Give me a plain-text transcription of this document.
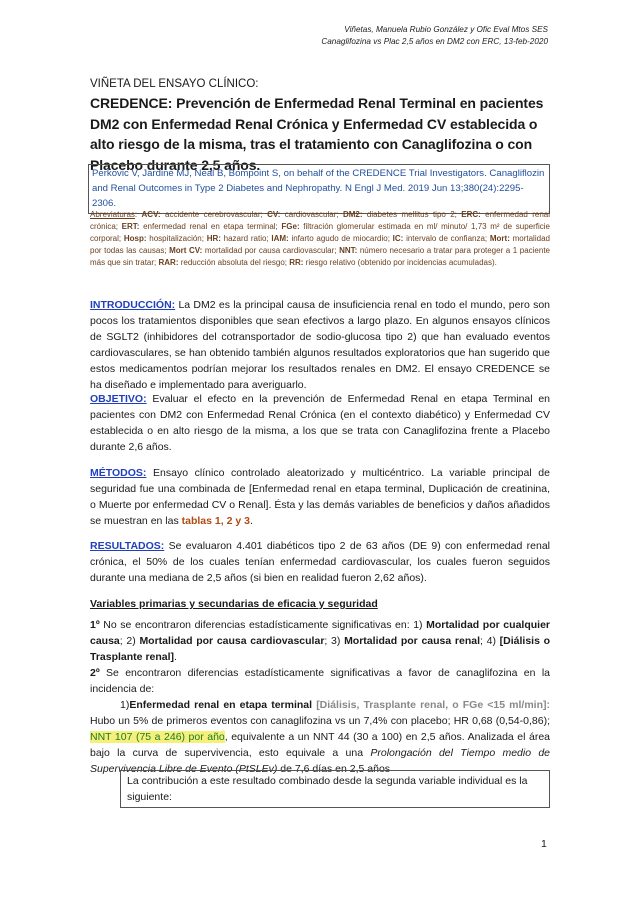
Viñetas, Manuela Rubio González y Ofic Eval Mtos SES
Canaglifozina vs Plac 2,5 años en DM2 con ERC, 13-feb-2020
VIÑETA DEL ENSAYO CLÍNICO:
CREDENCE: Prevención de Enfermedad Renal Terminal en pacientes DM2 con Enfermedad Renal Crónica y Enfermedad CV establecida o alto riesgo de la misma, tras el tratamiento con Canaglifozina o con Placebo durante 2,5 años.
Perkovic V, Jardine MJ, Neal B, Bompoint S, on behalf of the CREDENCE Trial Investigators. Canagliflozin and Renal Outcomes in Type 2 Diabetes and Nephropathy. N Engl J Med. 2019 Jun 13;380(24):2295-2306.
Abreviaturas: ACV: accidente cerebrovascular; CV: cardiovascular; DM2: diabetes mellitus tipo 2; ERC: enfermedad renal crónica; ERT: enfermedad renal en etapa terminal; FGe: filtración glomerular estimada en ml/ minuto/ 1,73 m² de superficie corporal; Hosp: hospitalización; HR: hazard ratio; IAM: infarto agudo de miocardio; IC: intervalo de confianza; Mort: mortalidad por todas las causas; Mort CV: mortalidad por causa cardiovascular; NNT: número necesario a tratar para proteger a 1 paciente más que sin tratar; RAR: reducción absoluta del riesgo; RR: riesgo relativo (obtenido por incidencias acumuladas).
INTRODUCCIÓN: La DM2 es la principal causa de insuficiencia renal en todo el mundo, pero son pocos los tratamientos disponibles que sean efectivos a largo plazo. En algunos ensayos clínicos de SGLT2 (inhibidores del cotransportador de sodio-glucosa tipo 2) que han evaluado eventos cardiovasculares, se han obtenido también algunos resultados exploratorios que han sugerido que estos medicamentos podrían mejorar los resultados renales en DM2. El ensayo CREDENCE se ha diseñado e implementado para averiguarlo.
OBJETIVO: Evaluar el efecto en la prevención de Enfermedad Renal en etapa Terminal en pacientes con DM2 con Enfermedad Renal Crónica (en el contexto diabético) y Enfermedad CV establecida o en alto riesgo de la misma, a los que se trata con Canaglifozina frente a Placebo durante 2,6 años.
MÉTODOS: Ensayo clínico controlado aleatorizado y multicéntrico. La variable principal de seguridad fue una combinada de [Enfermedad renal en etapa terminal, Duplicación de creatinina, o Muerte por enfermedad CV o Renal]. Ésta y las demás variables de beneficios y daños añadidos se muestran en las tablas 1, 2 y 3.
RESULTADOS: Se evaluaron 4.401 diabéticos tipo 2 de 63 años (DE 9) con enfermedad renal crónica, el 50% de los cuales tenían enfermedad cardiovascular, los cuales fueron seguidos durante una mediana de 2,5 años (si bien en realidad fueron 2,62 años).
Variables primarias y secundarias de eficacia y seguridad
1º No se encontraron diferencias estadísticamente significativas en: 1) Mortalidad por cualquier causa; 2) Mortalidad por causa cardiovascular; 3) Mortalidad por causa renal; 4) [Diálisis o Trasplante renal].
2º Se encontraron diferencias estadísticamente significativas a favor de canaglifozina en la incidencia de:
1)Enfermedad renal en etapa terminal [Diálisis, Trasplante renal, o FGe <15 ml/min]: Hubo un 5% de primeros eventos con canaglifozina vs un 7,4% con placebo; HR 0,68 (0,54-0,86); NNT 107 (75 a 246) por año, equivalente a un NNT 44 (30 a 100) en 2,5 años. Analizada el área bajo la curva de supervivencia, esto equivale a una Prolongación del Tiempo medio de Supervivencia Libre de Evento (PtSLEv) de 7,6 días en 2,5 años
La contribución a este resultado combinado desde la segunda variable individual es la siguiente:
1
